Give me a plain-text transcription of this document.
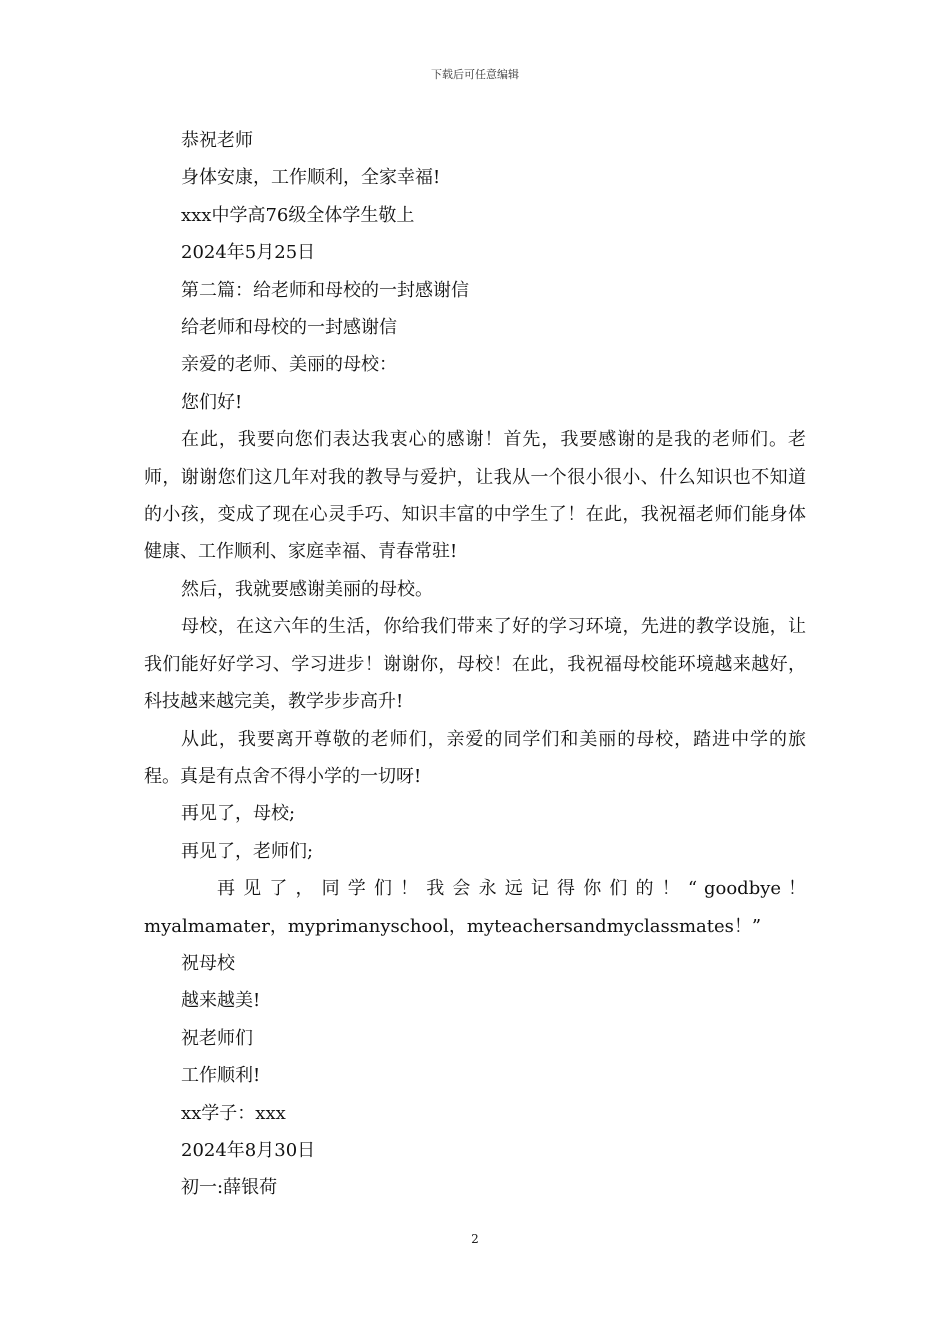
下载后可任意编辑

恭祝老师

身体安康，工作顺利，全家幸福!

xxx中学高76级全体学生敬上

2024年5月25日

第二篇：给老师和母校的一封感谢信

给老师和母校的一封感谢信

亲爱的老师、美丽的母校：

您们好!

在此，我要向您们表达我衷心的感谢！首先，我要感谢的是我的老师们。老师，谢谢您们这几年对我的教导与爱护，让我从一个很小很小、什么知识也不知道的小孩，变成了现在心灵手巧、知识丰富的中学生了！在此，我祝福老师们能身体健康、工作顺利、家庭幸福、青春常驻!

然后，我就要感谢美丽的母校。

母校，在这六年的生活，你给我们带来了好的学习环境，先进的教学设施，让我们能好好学习、学习进步！谢谢你，母校！在此，我祝福母校能环境越来越好，科技越来越完美，教学步步高升!

从此，我要离开尊敬的老师们，亲爱的同学们和美丽的母校，踏进中学的旅程。真是有点舍不得小学的一切呀!

再见了，母校;

再见了，老师们;

再 见 了 ， 同 学 们 ！ 我 会 永 远 记 得 你 们 的 ！ “ goodbye ！ myalmamater，myprimanyschool，myteachersandmyclassmates！”

祝母校

越来越美!

祝老师们

工作顺利!

xx学子：xxx

2024年8月30日

初一:薛银荷

2
